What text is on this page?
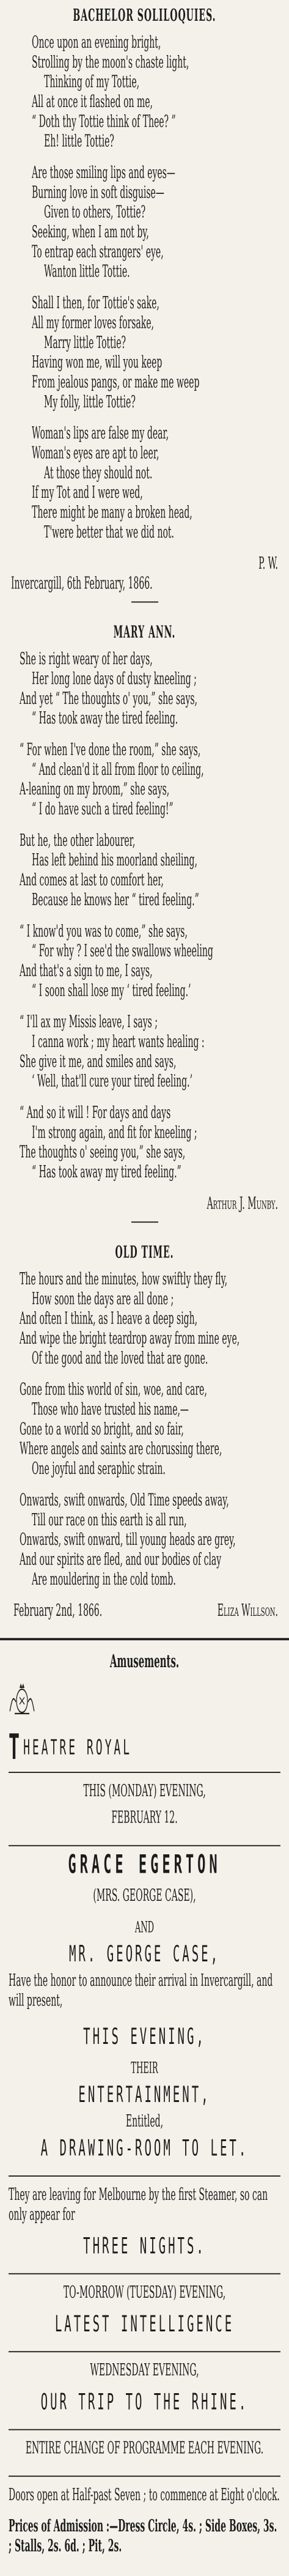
BACHELOR SOLILOQUIES.
Once upon an evening bright,
Strolling by the moon's chaste light,
Thinking of my Tottie,
All at once it flashed on me,
“ Doth thy Tottie think of Thee? ”
Eh! little Tottie?
Are those smiling lips and eyes—
Burning love in soft disguise—
Given to others, Tottie?
Seeking, when I am not by,
To entrap each strangers' eye,
Wanton little Tottie.
Shall I then, for Tottie's sake,
All my former loves forsake,
Marry little Tottie?
Having won me, will you keep
From jealous pangs, or make me weep
My folly, little Tottie?
Woman's lips are false my dear,
Woman's eyes are apt to leer,
At those they should not.
If my Tot and I were wed,
There might be many a broken head,
T'were better that we did not.
P. W.
Invercargill, 6th February, 1866.
MARY ANN.
She is right weary of her days,
Her long lone days of dusty kneeling ;
And yet “ The thoughts o' you,” she says,
“ Has took away the tired feeling.
“ For when I've done the room,” she says,
“ And clean'd it all from floor to ceiling,
A-leaning on my broom,” she says,
“ I do have such a tired feeling!”
But he, the other labourer,
Has left behind his moorland sheiling,
And comes at last to comfort her,
Because he knows her “ tired feeling.”
“ I know'd you was to come,” she says,
“ For why ? I see'd the swallows wheeling
And that's a sign to me, I says,
“ I soon shall lose my ‘ tired feeling.’
“ I'll ax my Missis leave, I says ;
I canna work ; my heart wants healing :
She give it me, and smiles and says,
‘ Well, that'll cure your tired feeling.’
“ And so it will ! For days and days
I'm strong again, and fit for kneeling ;
The thoughts o' seeing you,” she says,
“ Has took away my tired feeling.”
Arthur J. Munby.
OLD TIME.
The hours and the minutes, how swiftly they fly,
How soon the days are all done ;
And often I think, as I heave a deep sigh,
And wipe the bright teardrop away from mine eye,
Of the good and the loved that are gone.
Gone from this world of sin, woe, and care,
Those who have trusted his name,—
Gone to a world so bright, and so fair,
Where angels and saints are chorussing there,
One joyful and seraphic strain.
Onwards, swift onwards, Old Time speeds away,
Till our race on this earth is all run,
Onwards, swift onward, till young heads are grey,
And our spirits are fled, and our bodies of clay
Are mouldering in the cold tomb.
February 2nd, 1866.	Eliza Willson.
Amusements.
THEATRE ROYAL
THIS (MONDAY) EVENING,
FEBRUARY 12.
GRACE EGERTON
(MRS. GEORGE CASE),
AND
MR. GEORGE CASE,
Have the honor to announce their arrival in Invercargill, and will present,
THIS EVENING,
THEIR
ENTERTAINMENT,
Entitled,
A DRAWING-ROOM TO LET.
They are leaving for Melbourne by the first Steamer, so can only appear for
THREE NIGHTS.
TO-MORROW (TUESDAY) EVENING,
LATEST INTELLIGENCE
WEDNESDAY EVENING,
OUR TRIP TO THE RHINE.
ENTIRE CHANGE OF PROGRAMME EACH EVENING.
Doors open at Half-past Seven ; to commence at Eight o'clock.
Prices of Admission :—Dress Circle, 4s. ; Side Boxes, 3s. ; Stalls, 2s. 6d. ; Pit, 2s.
